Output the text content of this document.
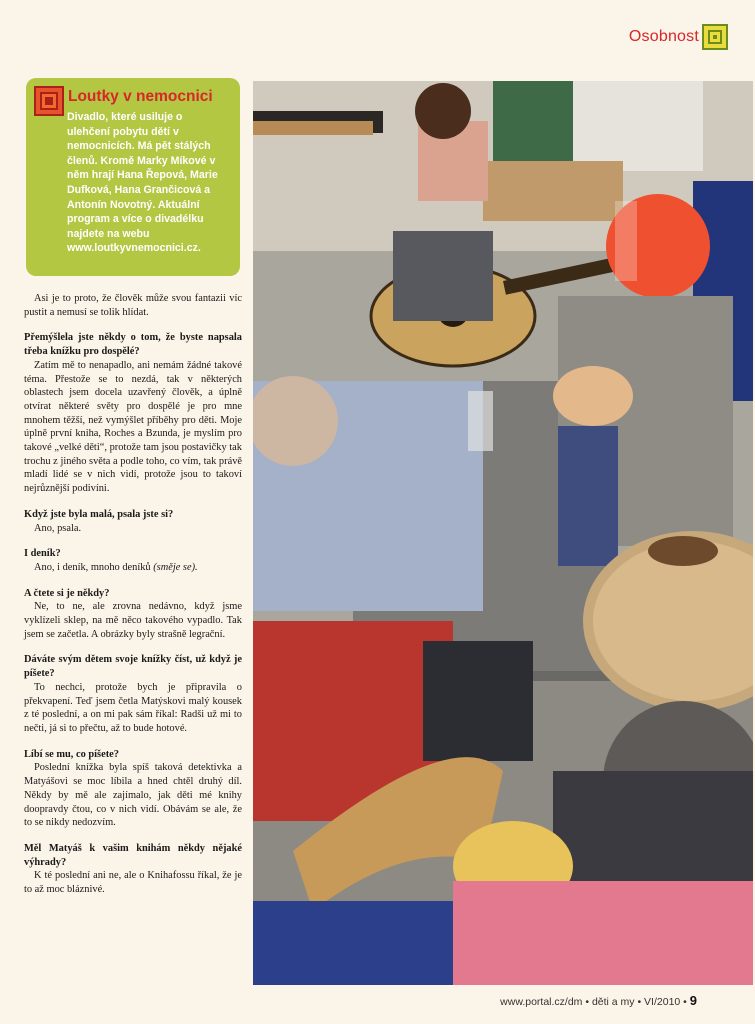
Osobnost
Loutky v nemocnici
Divadlo, které usiluje o ulehčení pobytu dětí v nemocnicích. Má pět stálých členů. Kromě Marky Míkové v něm hrají Hana Řepová, Marie Dufková, Hana Grančicová a Antonín Novotný. Aktuální program a více o divadélku najdete na webu www.loutkyvnemocnici.cz.

Asi je to proto, že člověk může svou fantazii víc pustit a nemusí se tolik hlídat.

Přemýšlela jste někdy o tom, že byste napsala třeba knížku pro dospělé?

Zatím mě to nenapadlo, ani nemám žádné takové téma. Přestože se to nezdá, tak v některých oblastech jsem docela uzavřený člověk, a úplně otvírat některé světy pro dospělé je pro mne mnohem těžší, než vymýšlet příběhy pro děti. Moje úplně první kniha, Roches a Bzunda, je myslím pro takové „velké děti“, protože tam jsou postavičky tak trochu z jiného světa a podle toho, co vím, tak právě mladí lidé se v nich vidí, protože jsou to takoví nejrůznější podivíni.

Když jste byla malá, psala jste si?

Ano, psala.

I deník?

Ano, i deník, mnoho deníků (směje se).

A čtete si je někdy?

Ne, to ne, ale zrovna nedávno, když jsme vyklízeli sklep, na mě něco takového vypadlo. Tak jsem se začetla. A obrázky byly strašně legrační.

Dáváte svým dětem svoje knížky číst, už když je píšete?

To nechci, protože bych je připravila o překvapení. Teď jsem četla Matýskovi malý kousek z té poslední, a on mi pak sám říkal: Radši už mi to nečti, já si to přečtu, až to bude hotové.

Líbí se mu, co píšete?

Poslední knížka byla spíš taková detektivka a Matyášovi se moc líbila a hned chtěl druhý díl. Někdy by mě ale zajímalo, jak děti mé knihy doopravdy čtou, co v nich vidí. Obávám se ale, že to se nikdy nedozvím.

Měl Matyáš k vašim knihám někdy nějaké výhrady?

K té poslední ani ne, ale o Knihafossu říkal, že je to až moc bláznivé.

www.portal.cz/dm • děti a my • VI/2010 • 9
